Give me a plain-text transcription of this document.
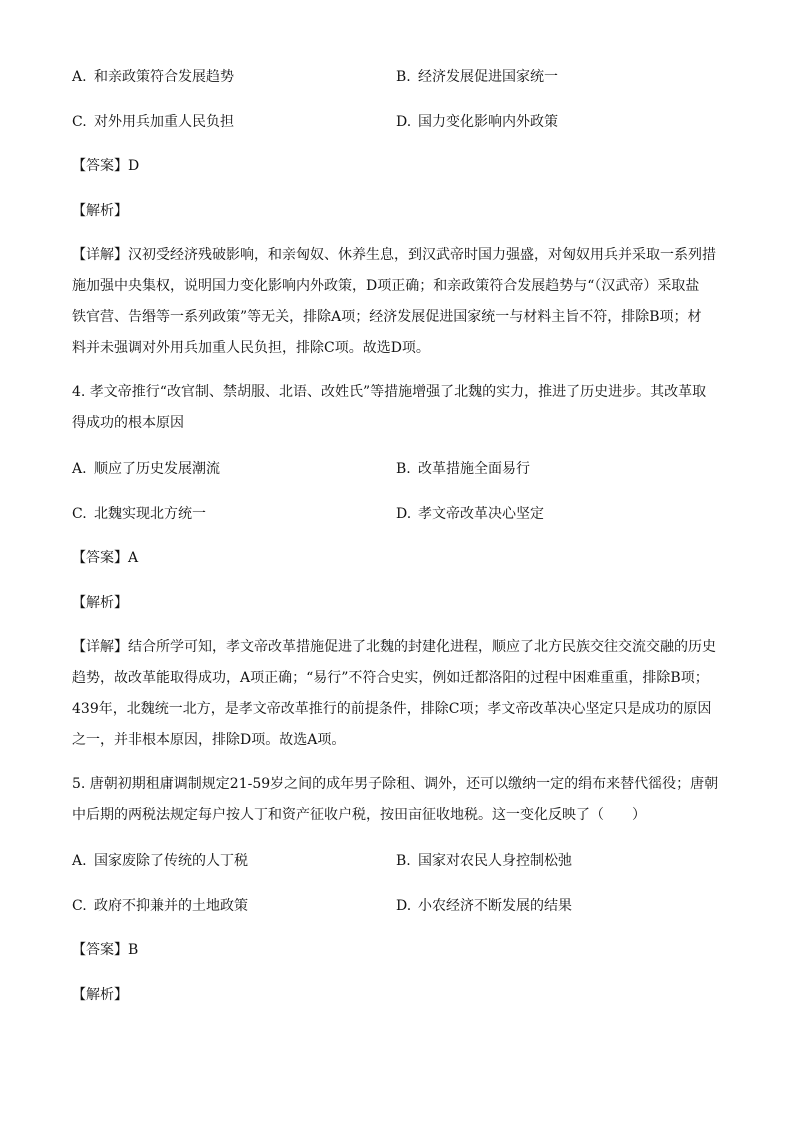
A. 和亲政策符合发展趋势	B. 经济发展促进国家统一
C. 对外用兵加重人民负担	D. 国力变化影响内外政策
【答案】D
【解析】
【详解】汉初受经济残破影响，和亲匈奴、休养生息，到汉武帝时国力强盛，对匈奴用兵并采取一系列措
施加强中央集权，说明国力变化影响内外政策，D项正确；和亲政策符合发展趋势与“（汉武帝）采取盐
铁官营、告缗等一系列政策”等无关，排除A项；经济发展促进国家统一与材料主旨不符，排除B项；材
料并未强调对外用兵加重人民负担，排除C项。故选D项。
4. 孝文帝推行“改官制、禁胡服、北语、改姓氏”等措施增强了北魏的实力，推进了历史进步。其改革取
得成功的根本原因
A. 顺应了历史发展潮流	B. 改革措施全面易行
C. 北魏实现北方统一	D. 孝文帝改革决心坚定
【答案】A
【解析】
【详解】结合所学可知，孝文帝改革措施促进了北魏的封建化进程，顺应了北方民族交往交流交融的历史
趋势，故改革能取得成功，A项正确；“易行”不符合史实，例如迁都洛阳的过程中困难重重，排除B项；
439年，北魏统一北方，是孝文帝改革推行的前提条件，排除C项；孝文帝改革决心坚定只是成功的原因
之一，并非根本原因，排除D项。故选A项。
5. 唐朝初期租庸调制规定21-59岁之间的成年男子除租、调外，还可以缴纳一定的绢布来替代徭役；唐朝
中后期的两税法规定每户按人丁和资产征收户税，按田亩征收地税。这一变化反映了（　　）
A. 国家废除了传统的人丁税	B. 国家对农民人身控制松弛
C. 政府不抑兼并的土地政策	D. 小农经济不断发展的结果
【答案】B
【解析】
